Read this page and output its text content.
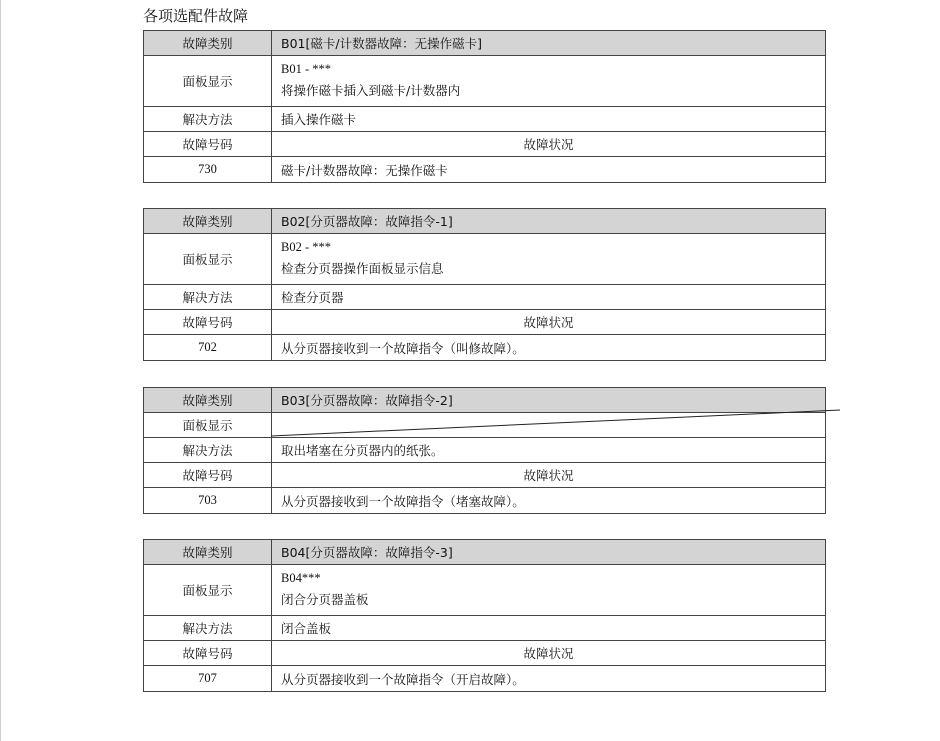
各项选配件故障
故障类别	B01[磁卡/计数器故障：无操作磁卡]
面板显示	B01 - ***
将操作磁卡插入到磁卡/计数器内

解决方法	插入操作磁卡
故障号码	故障状况
730	磁卡/计数器故障：无操作磁卡
故障类别	B02[分页器故障：故障指令-1]
面板显示	B02 - ***
检查分页器操作面板显示信息

解决方法	检查分页器
故障号码	故障状况
702	从分页器接收到一个故障指令（叫修故障）。
故障类别	B03[分页器故障：故障指令-2]
面板显示	
解决方法	取出堵塞在分页器内的纸张。
故障号码	故障状况
703	从分页器接收到一个故障指令（堵塞故障）。
故障类别	B04[分页器故障：故障指令-3]
面板显示	B04***
闭合分页器盖板

解决方法	闭合盖板
故障号码	故障状况
707	从分页器接收到一个故障指令（开启故障）。
